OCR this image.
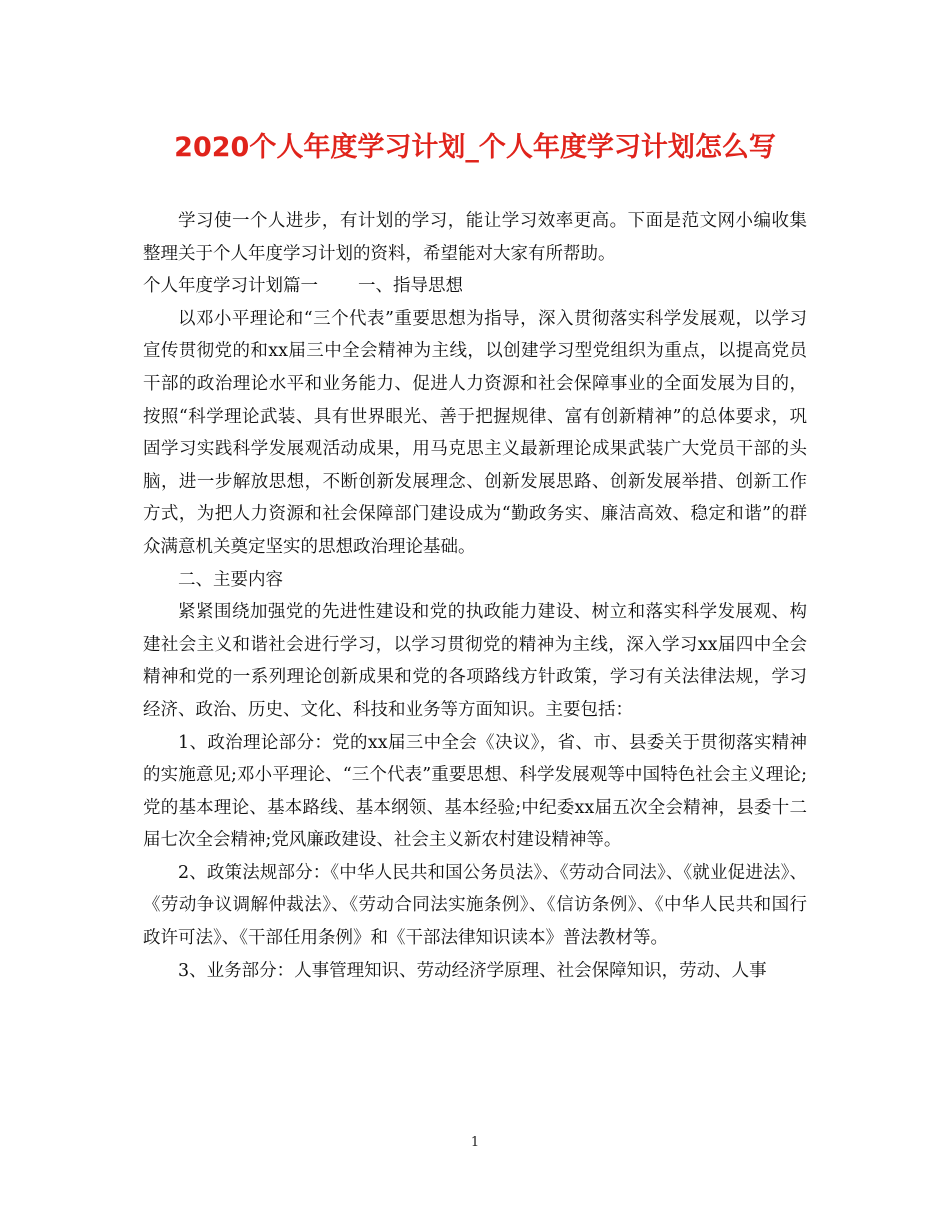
2020个人年度学习计划_个人年度学习计划怎么写

学习使一个人进步，有计划的学习，能让学习效率更高。下面是范文网小编收集整理关于个人年度学习计划的资料，希望能对大家有所帮助。

个人年度学习计划篇一 一、指导思想

以邓小平理论和“三个代表”重要思想为指导，深入贯彻落实科学发展观，以学习宣传贯彻党的和xx届三中全会精神为主线，以创建学习型党组织为重点，以提高党员干部的政治理论水平和业务能力、促进人力资源和社会保障事业的全面发展为目的，按照“科学理论武装、具有世界眼光、善于把握规律、富有创新精神”的总体要求，巩固学习实践科学发展观活动成果，用马克思主义最新理论成果武装广大党员干部的头脑，进一步解放思想，不断创新发展理念、创新发展思路、创新发展举措、创新工作方式，为把人力资源和社会保障部门建设成为“勤政务实、廉洁高效、稳定和谐”的群众满意机关奠定坚实的思想政治理论基础。

二、主要内容

紧紧围绕加强党的先进性建设和党的执政能力建设、树立和落实科学发展观、构建社会主义和谐社会进行学习，以学习贯彻党的精神为主线，深入学习xx届四中全会精神和党的一系列理论创新成果和党的各项路线方针政策，学习有关法律法规，学习经济、政治、历史、文化、科技和业务等方面知识。主要包括：

1、政治理论部分：党的xx届三中全会《决议》，省、市、县委关于贯彻落实精神的实施意见;邓小平理论、“三个代表”重要思想、科学发展观等中国特色社会主义理论;党的基本理论、基本路线、基本纲领、基本经验;中纪委xx届五次全会精神，县委十二届七次全会精神;党风廉政建设、社会主义新农村建设精神等。

2、政策法规部分：《中华人民共和国公务员法》、《劳动合同法》、《就业促进法》、《劳动争议调解仲裁法》、《劳动合同法实施条例》、《信访条例》、《中华人民共和国行政许可法》、《干部任用条例》和《干部法律知识读本》普法教材等。

3、业务部分：人事管理知识、劳动经济学原理、社会保障知识，劳动、人事

1
